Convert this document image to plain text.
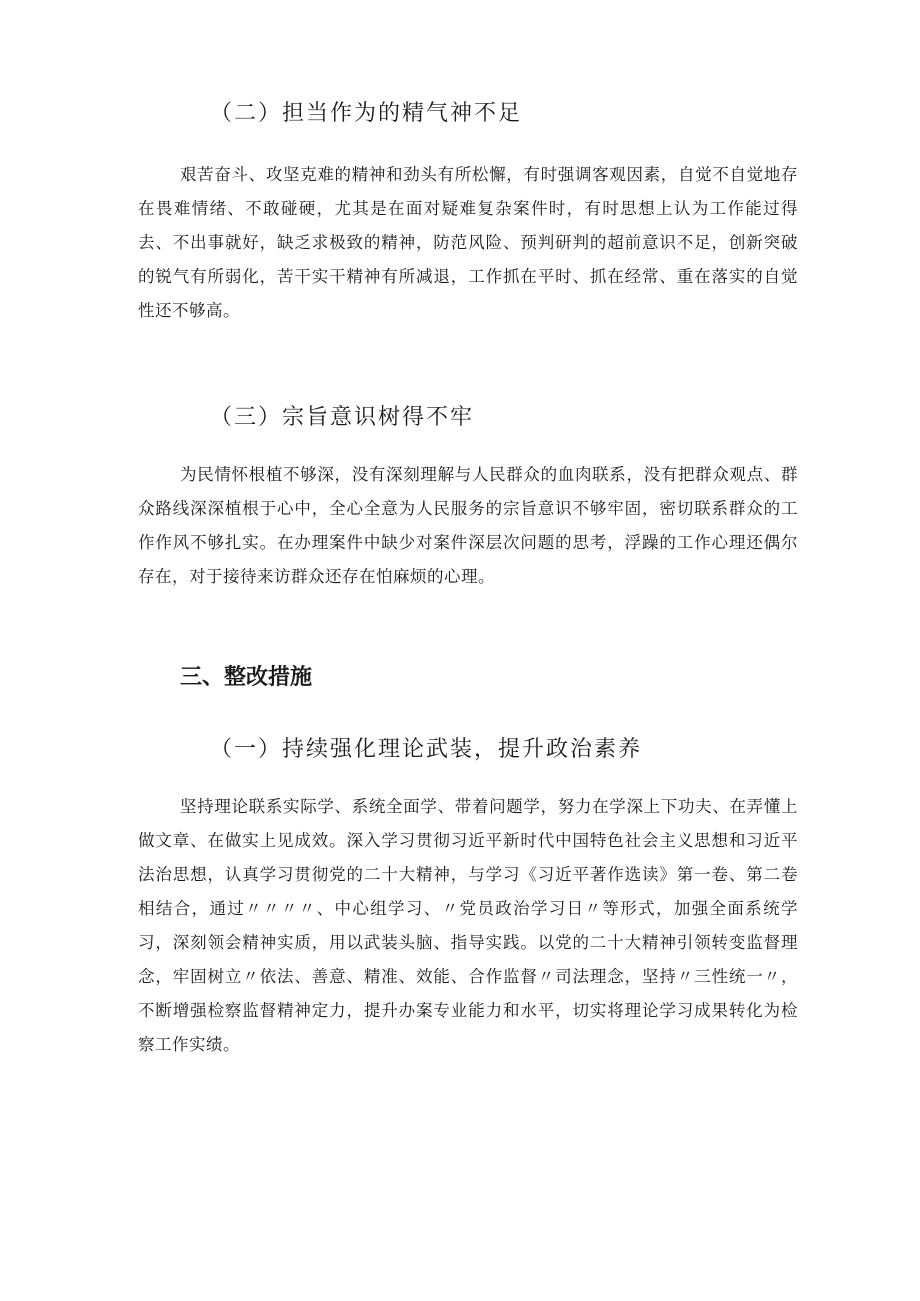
（二）担当作为的精气神不足

艰苦奋斗、攻坚克难的精神和劲头有所松懈，有时强调客观因素，自觉不自觉地存在畏难情绪、不敢碰硬，尤其是在面对疑难复杂案件时，有时思想上认为工作能过得去、不出事就好，缺乏求极致的精神，防范风险、预判研判的超前意识不足，创新突破的锐气有所弱化，苦干实干精神有所减退，工作抓在平时、抓在经常、重在落实的自觉性还不够高。

（三）宗旨意识树得不牢

为民情怀根植不够深，没有深刻理解与人民群众的血肉联系，没有把群众观点、群众路线深深植根于心中，全心全意为人民服务的宗旨意识不够牢固，密切联系群众的工作作风不够扎实。在办理案件中缺少对案件深层次问题的思考，浮躁的工作心理还偶尔存在，对于接待来访群众还存在怕麻烦的心理。

三、整改措施
（一）持续强化理论武装，提升政治素养

坚持理论联系实际学、系统全面学、带着问题学，努力在学深上下功夫、在弄懂上做文章、在做实上见成效。深入学习贯彻习近平新时代中国特色社会主义思想和习近平法治思想，认真学习贯彻党的二十大精神，与学习《习近平著作选读》第一卷、第二卷相结合，通过〃〃〃〃、中心组学习、〃党员政治学习日〃等形式，加强全面系统学习，深刻领会精神实质，用以武装头脑、指导实践。以党的二十大精神引领转变监督理念，牢固树立〃依法、善意、精准、效能、合作监督〃司法理念，坚持〃三性统一〃，不断增强检察监督精神定力，提升办案专业能力和水平，切实将理论学习成果转化为检察工作实绩。
